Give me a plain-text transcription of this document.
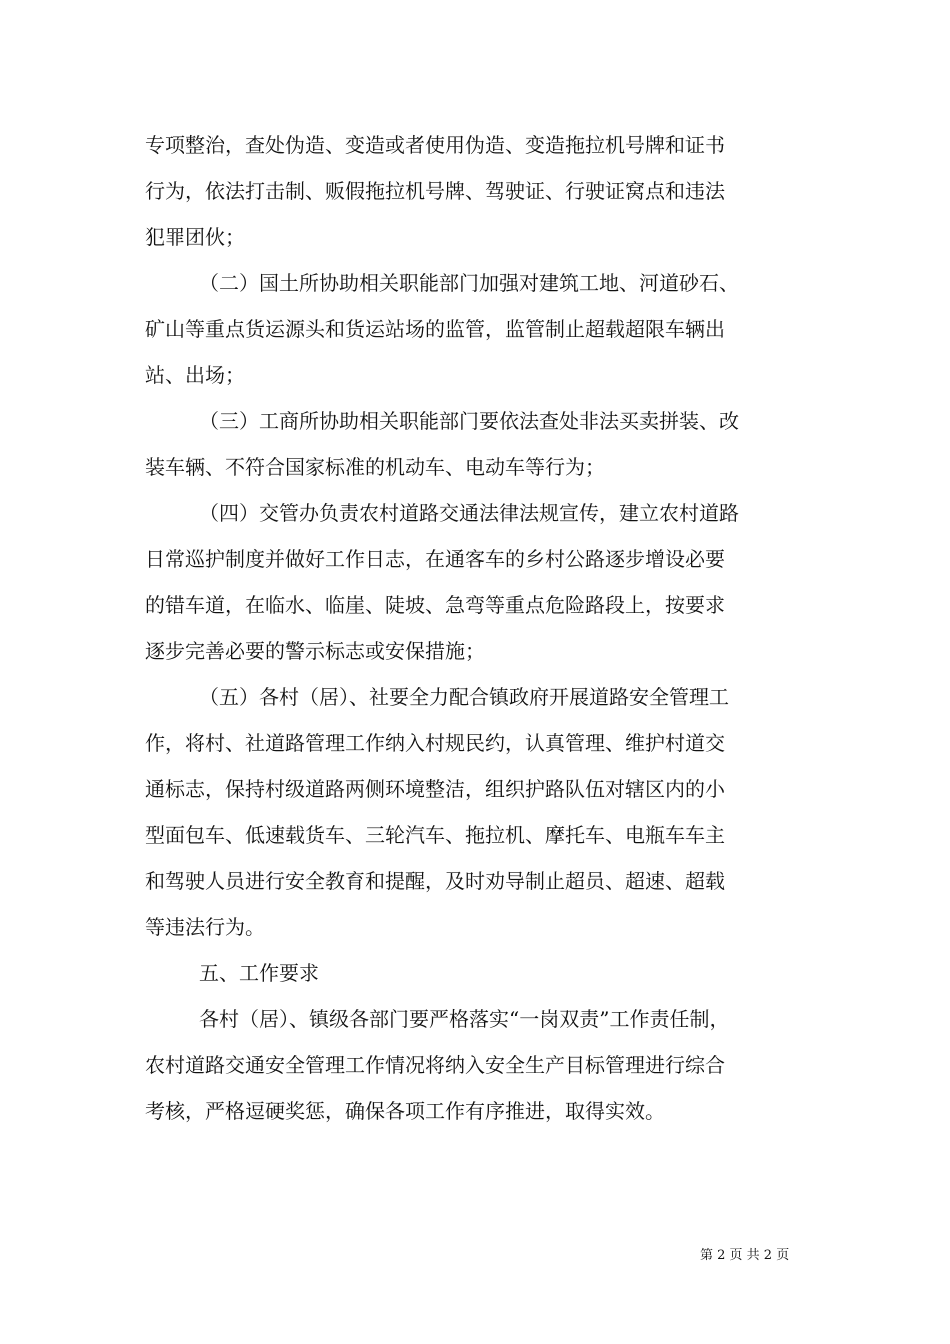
专项整治，查处伪造、变造或者使用伪造、变造拖拉机号牌和证书
行为，依法打击制、贩假拖拉机号牌、驾驶证、行驶证窝点和违法
犯罪团伙；
（二）国土所协助相关职能部门加强对建筑工地、河道砂石、
矿山等重点货运源头和货运站场的监管，监管制止超载超限车辆出
站、出场；
（三）工商所协助相关职能部门要依法查处非法买卖拼装、改
装车辆、不符合国家标准的机动车、电动车等行为；
（四）交管办负责农村道路交通法律法规宣传，建立农村道路
日常巡护制度并做好工作日志，在通客车的乡村公路逐步增设必要
的错车道，在临水、临崖、陡坡、急弯等重点危险路段上，按要求
逐步完善必要的警示标志或安保措施；
（五）各村（居）、社要全力配合镇政府开展道路安全管理工
作，将村、社道路管理工作纳入村规民约，认真管理、维护村道交
通标志，保持村级道路两侧环境整洁，组织护路队伍对辖区内的小
型面包车、低速载货车、三轮汽车、拖拉机、摩托车、电瓶车车主
和驾驶人员进行安全教育和提醒，及时劝导制止超员、超速、超载
等违法行为。
五、工作要求
各村（居）、镇级各部门要严格落实“一岗双责”工作责任制，
农村道路交通安全管理工作情况将纳入安全生产目标管理进行综合
考核，严格逗硬奖惩，确保各项工作有序推进，取得实效。
第 2 页 共 2 页
